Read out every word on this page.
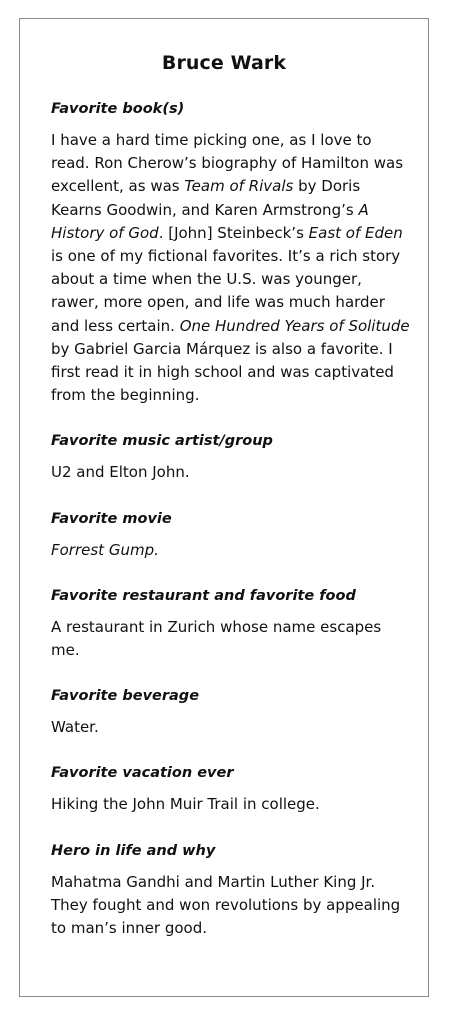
Bruce Wark

Favorite book(s)

I have a hard time picking one, as I love to read. Ron Cherow’s biography of Hamilton was excellent, as was Team of Rivals by Doris Kearns Goodwin, and Karen Armstrong’s A History of God. [John] Steinbeck’s East of Eden is one of my fictional favorites. It’s a rich story about a time when the U.S. was younger, rawer, more open, and life was much harder and less certain. One Hundred Years of Solitude by Gabriel Garcia Márquez is also a favorite. I first read it in high school and was captivated from the beginning.

Favorite music artist/group

U2 and Elton John.

Favorite movie

Forrest Gump.

Favorite restaurant and favorite food

A restaurant in Zurich whose name escapes me.

Favorite beverage

Water.

Favorite vacation ever

Hiking the John Muir Trail in college.

Hero in life and why

Mahatma Gandhi and Martin Luther King Jr. They fought and won revolutions by appealing to man’s inner good.
